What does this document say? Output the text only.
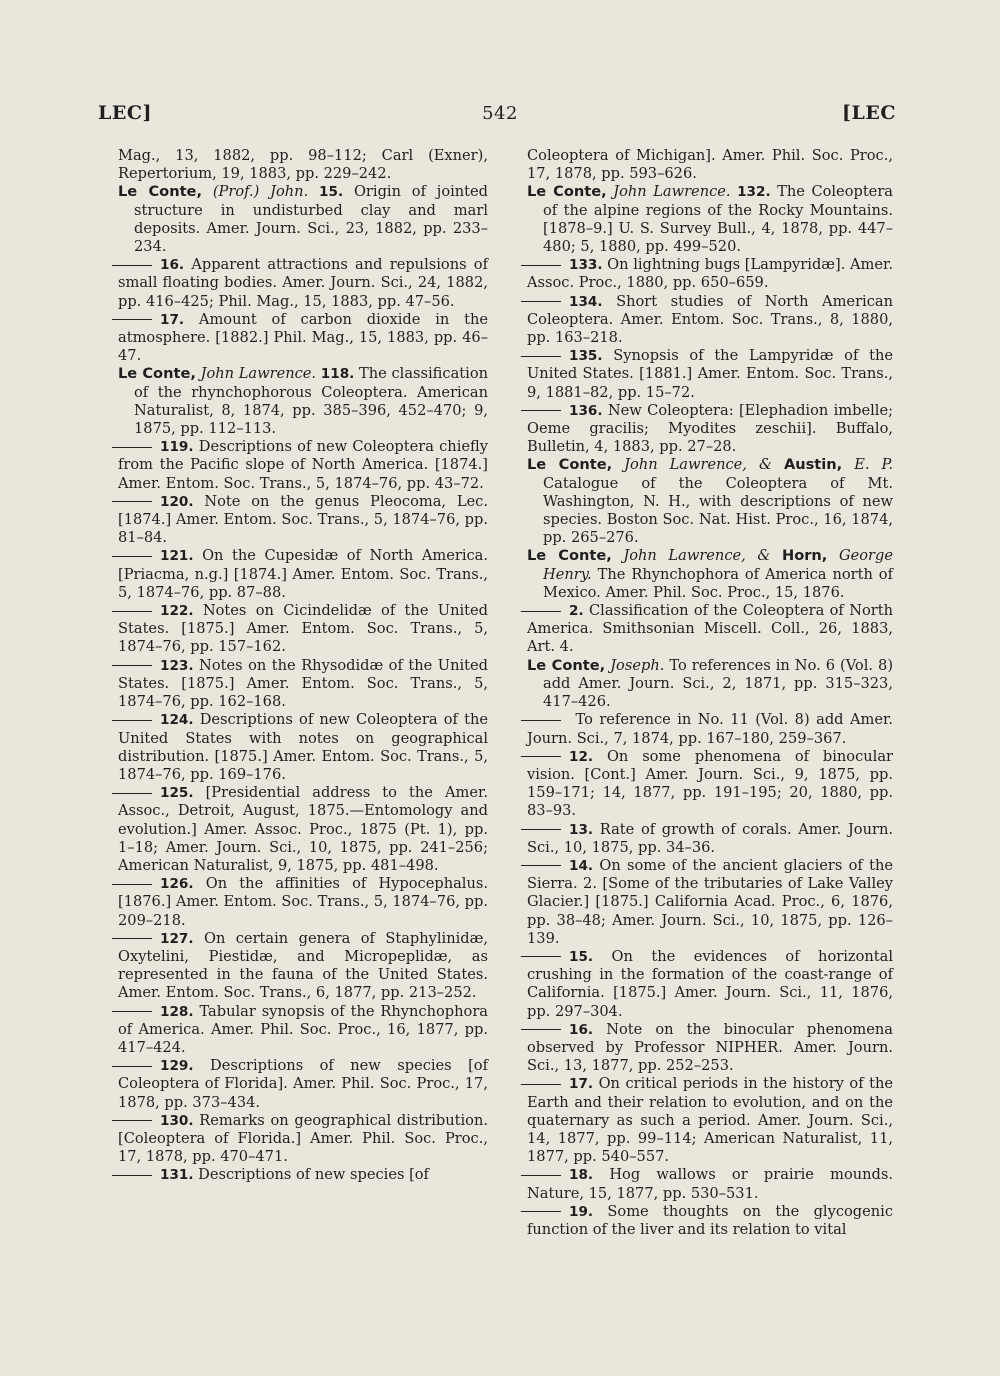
LEC]	542	[LEC

Mag., 13, 1882, pp. 98–112; Carl (Exner), Repertorium, 19, 1883, pp. 229–242.

Le Conte, (Prof.) John. 15. Origin of jointed structure in undisturbed clay and marl deposits. Amer. Journ. Sci., 23, 1882, pp. 233–234.

16. Apparent attractions and repulsions of small floating bodies. Amer. Journ. Sci., 24, 1882, pp. 416–425; Phil. Mag., 15, 1883, pp. 47–56.

17. Amount of carbon dioxide in the atmosphere. [1882.] Phil. Mag., 15, 1883, pp. 46–47.

Le Conte, John Lawrence. 118. The classification of the rhynchophorous Coleoptera. American Naturalist, 8, 1874, pp. 385–396, 452–470; 9, 1875, pp. 112–113.

119. Descriptions of new Coleoptera chiefly from the Pacific slope of North America. [1874.] Amer. Entom. Soc. Trans., 5, 1874–76, pp. 43–72.

120. Note on the genus Pleocoma, Lec. [1874.] Amer. Entom. Soc. Trans., 5, 1874–76, pp. 81–84.

121. On the Cupesidæ of North America. [Priacma, n.g.] [1874.] Amer. Entom. Soc. Trans., 5, 1874–76, pp. 87–88.

122. Notes on Cicindelidæ of the United States. [1875.] Amer. Entom. Soc. Trans., 5, 1874–76, pp. 157–162.

123. Notes on the Rhysodidæ of the United States. [1875.] Amer. Entom. Soc. Trans., 5, 1874–76, pp. 162–168.

124. Descriptions of new Coleoptera of the United States with notes on geographical distribution. [1875.] Amer. Entom. Soc. Trans., 5, 1874–76, pp. 169–176.

125. [Presidential address to the Amer. Assoc., Detroit, August, 1875.—Entomology and evolution.] Amer. Assoc. Proc., 1875 (Pt. 1), pp. 1–18; Amer. Journ. Sci., 10, 1875, pp. 241–256; American Naturalist, 9, 1875, pp. 481–498.

126. On the affinities of Hypocephalus. [1876.] Amer. Entom. Soc. Trans., 5, 1874–76, pp. 209–218.

127. On certain genera of Staphylinidæ, Oxytelini, Piestidæ, and Micropeplidæ, as represented in the fauna of the United States. Amer. Entom. Soc. Trans., 6, 1877, pp. 213–252.

128. Tabular synopsis of the Rhynchophora of America. Amer. Phil. Soc. Proc., 16, 1877, pp. 417–424.

129. Descriptions of new species [of Coleoptera of Florida]. Amer. Phil. Soc. Proc., 17, 1878, pp. 373–434.

130. Remarks on geographical distribution. [Coleoptera of Florida.] Amer. Phil. Soc. Proc., 17, 1878, pp. 470–471.

131. Descriptions of new species [of

Coleoptera of Michigan]. Amer. Phil. Soc. Proc., 17, 1878, pp. 593–626.

Le Conte, John Lawrence. 132. The Coleoptera of the alpine regions of the Rocky Mountains. [1878–9.] U. S. Survey Bull., 4, 1878, pp. 447–480; 5, 1880, pp. 499–520.

133. On lightning bugs [Lampyridæ]. Amer. Assoc. Proc., 1880, pp. 650–659.

134. Short studies of North American Coleoptera. Amer. Entom. Soc. Trans., 8, 1880, pp. 163–218.

135. Synopsis of the Lampyridæ of the United States. [1881.] Amer. Entom. Soc. Trans., 9, 1881–82, pp. 15–72.

136. New Coleoptera: [Elephadion imbelle; Oeme gracilis; Myodites zeschii]. Buffalo, Bulletin, 4, 1883, pp. 27–28.

Le Conte, John Lawrence, & Austin, E. P. Catalogue of the Coleoptera of Mt. Washington, N. H., with descriptions of new species. Boston Soc. Nat. Hist. Proc., 16, 1874, pp. 265–276.

Le Conte, John Lawrence, & Horn, George Henry. The Rhynchophora of America north of Mexico. Amer. Phil. Soc. Proc., 15, 1876.

2. Classification of the Coleoptera of North America. Smithsonian Miscell. Coll., 26, 1883, Art. 4.

Le Conte, Joseph. To references in No. 6 (Vol. 8) add Amer. Journ. Sci., 2, 1871, pp. 315–323, 417–426.

To reference in No. 11 (Vol. 8) add Amer. Journ. Sci., 7, 1874, pp. 167–180, 259–367.

12. On some phenomena of binocular vision. [Cont.] Amer. Journ. Sci., 9, 1875, pp. 159–171; 14, 1877, pp. 191–195; 20, 1880, pp. 83–93.

13. Rate of growth of corals. Amer. Journ. Sci., 10, 1875, pp. 34–36.

14. On some of the ancient glaciers of the Sierra. 2. [Some of the tributaries of Lake Valley Glacier.] [1875.] California Acad. Proc., 6, 1876, pp. 38–48; Amer. Journ. Sci., 10, 1875, pp. 126–139.

15. On the evidences of horizontal crushing in the formation of the coast-range of California. [1875.] Amer. Journ. Sci., 11, 1876, pp. 297–304.

16. Note on the binocular phenomena observed by Professor NIPHER. Amer. Journ. Sci., 13, 1877, pp. 252–253.

17. On critical periods in the history of the Earth and their relation to evolution, and on the quaternary as such a period. Amer. Journ. Sci., 14, 1877, pp. 99–114; American Naturalist, 11, 1877, pp. 540–557.

18. Hog wallows or prairie mounds. Nature, 15, 1877, pp. 530–531.

19. Some thoughts on the glycogenic function of the liver and its relation to vital
